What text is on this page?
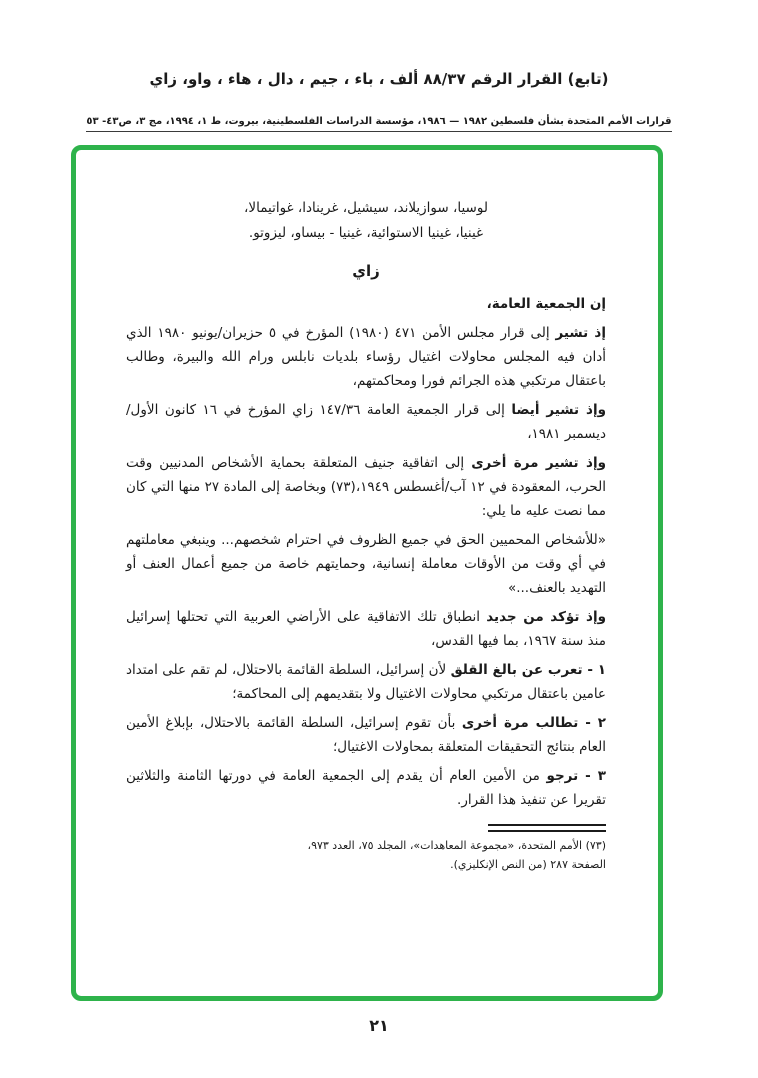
(تابع) القرار الرقم ٨٨/٣٧ ألف ، باء ، جيم ، دال ، هاء ، واو، زاي

قرارات الأمم المتحدة بشأن فلسطين ١٩٨٢ — ١٩٨٦، مؤسسة الدراسات الفلسطينية، بيروت، ط ١، ١٩٩٤، مج ٣، ص٤٣- ٥٣
لوسيا، سوازيلاند، سيشيل، غرينادا، غواتيمالا،
غينيا، غينيا الاستوائية، غينيا - بيساو، ليزوتو.
زاي

إن الجمعية العامة،

إذ تشير إلى قرار مجلس الأمن ٤٧١ (١٩٨٠) المؤرخ في ٥ حزيران/يونيو ١٩٨٠ الذي أدان فيه المجلس محاولات اغتيال رؤساء بلديات نابلس ورام الله والبيرة، وطالب باعتقال مرتكبي هذه الجرائم فورا ومحاكمتهم،

وإذ تشير أيضا إلى قرار الجمعية العامة ١٤٧/٣٦ زاي المؤرخ في ١٦ كانون الأول/ديسمبر ١٩٨١،

وإذ تشير مرة أخرى إلى اتفاقية جنيف المتعلقة بحماية الأشخاص المدنيين وقت الحرب، المعقودة في ١٢ آب/أغسطس ١٩٤٩،(٧٣) وبخاصة إلى المادة ٢٧ منها التي كان مما نصت عليه ما يلي:

«للأشخاص المحميين الحق في جميع الظروف في احترام شخصهم... وينبغي معاملتهم في أي وقت من الأوقات معاملة إنسانية، وحمايتهم خاصة من جميع أعمال العنف أو التهديد بالعنف...»

وإذ تؤكد من جديد انطباق تلك الاتفاقية على الأراضي العربية التي تحتلها إسرائيل منذ سنة ١٩٦٧، بما فيها القدس،

١ - تعرب عن بالغ القلق لأن إسرائيل، السلطة القائمة بالاحتلال، لم تقم على امتداد عامين باعتقال مرتكبي محاولات الاغتيال ولا بتقديمهم إلى المحاكمة؛

٢ - تطالب مرة أخرى بأن تقوم إسرائيل، السلطة القائمة بالاحتلال، بإبلاغ الأمين العام بنتائج التحقيقات المتعلقة بمحاولات الاغتيال؛

٣ - ترجو من الأمين العام أن يقدم إلى الجمعية العامة في دورتها الثامنة والثلاثين تقريرا عن تنفيذ هذا القرار.

(٧٣) الأمم المتحدة، «مجموعة المعاهدات»، المجلد ٧٥، العدد ٩٧٣،
الصفحة ٢٨٧ (من النص الإنكليزي).
٢١
